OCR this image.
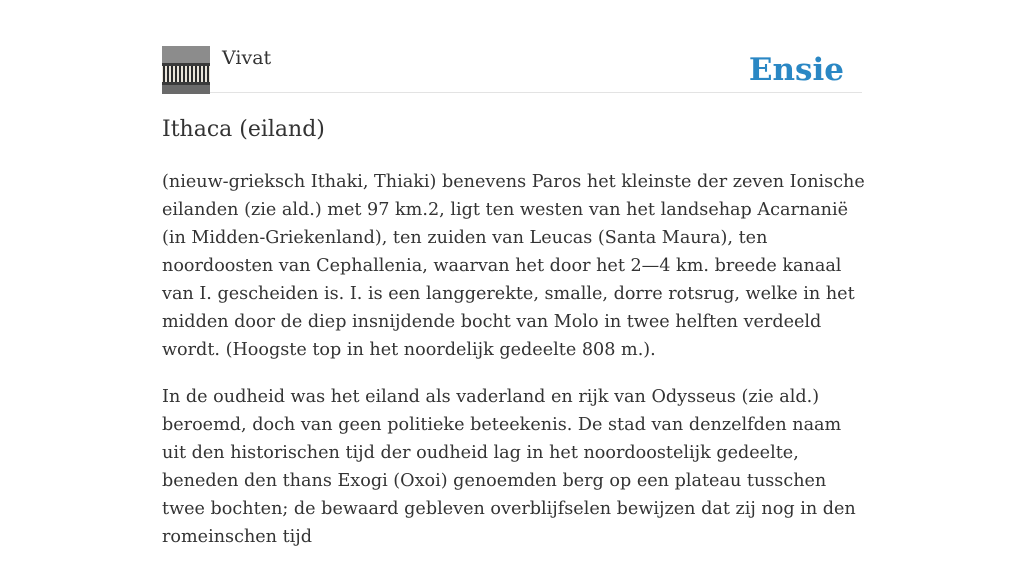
Vivat	Ensie
Ithaca (eiland)

(nieuw-grieksch Ithaki, Thiaki) benevens Paros het kleinste der zeven Ionische eilanden (zie ald.) met 97 km.2, ligt ten westen van het landsehap Acarnanië (in Midden-Griekenland), ten zuiden van Leucas (Santa Maura), ten noordoosten van Cephallenia, waarvan het door het 2—4 km. breede kanaal van I. gescheiden is. I. is een langgerekte, smalle, dorre rotsrug, welke in het midden door de diep insnijdende bocht van Molo in twee helften verdeeld wordt. (Hoogste top in het noordelijk gedeelte 808 m.).

In de oudheid was het eiland als vaderland en rijk van Odysseus (zie ald.) beroemd, doch van geen politieke beteekenis. De stad van denzelfden naam uit den historischen tijd der oudheid lag in het noordoostelijk gedeelte, beneden den thans Exogi (Oxoi) genoemden berg op een plateau tusschen twee bochten; de bewaard gebleven overblijfselen bewijzen dat zij nog in den romeinschen tijd
